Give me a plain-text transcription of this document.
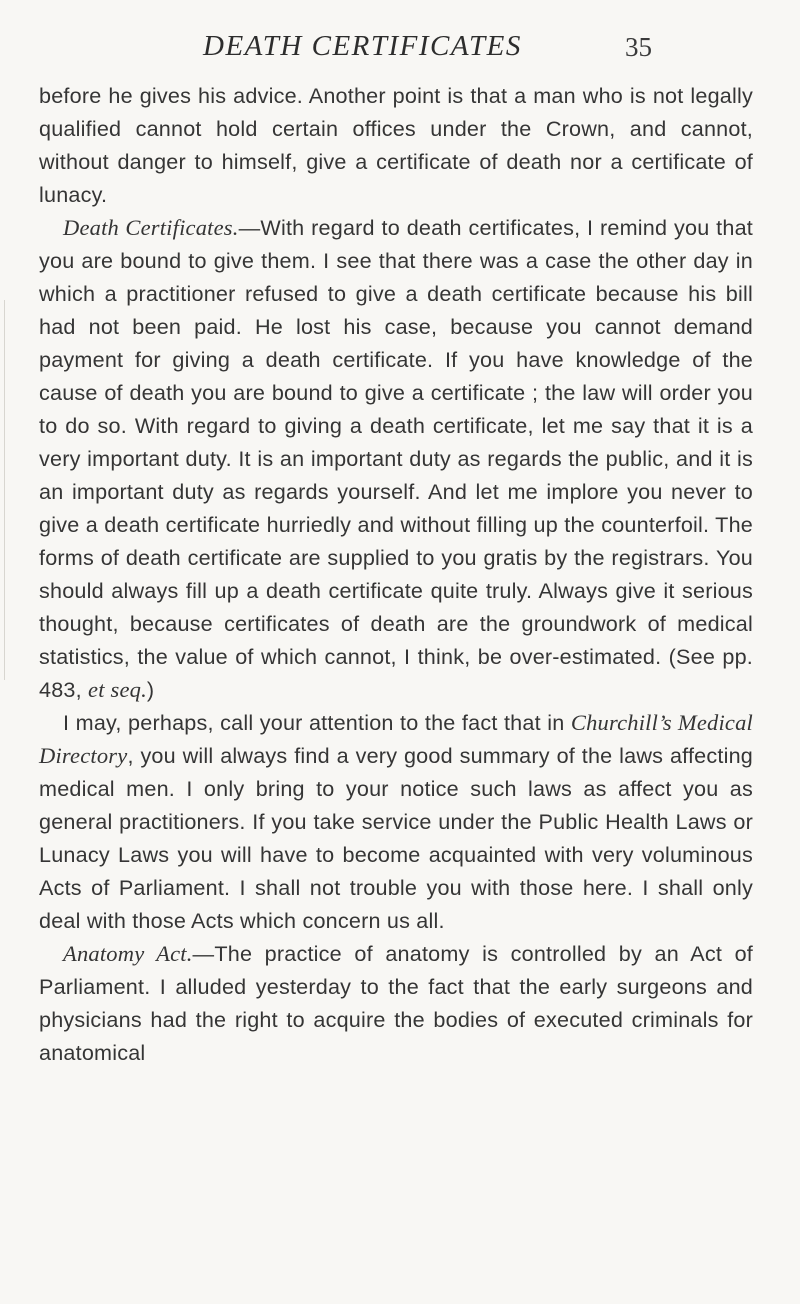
DEATH CERTIFICATES	35

before he gives his advice. Another point is that a man who is not legally qualified cannot hold certain offices under the Crown, and cannot, without danger to himself, give a certificate of death nor a certificate of lunacy.

Death Certificates.—With regard to death certificates, I remind you that you are bound to give them. I see that there was a case the other day in which a practitioner refused to give a death certificate because his bill had not been paid. He lost his case, because you cannot demand payment for giving a death certificate. If you have knowledge of the cause of death you are bound to give a certificate ; the law will order you to do so. With regard to giving a death certificate, let me say that it is a very important duty. It is an important duty as regards the public, and it is an important duty as regards yourself. And let me implore you never to give a death certificate hurriedly and without filling up the counterfoil. The forms of death certificate are supplied to you gratis by the registrars. You should always fill up a death certificate quite truly. Always give it serious thought, because certificates of death are the groundwork of medical statistics, the value of which cannot, I think, be over-estimated. (See pp. 483, et seq.)

I may, perhaps, call your attention to the fact that in Churchill’s Medical Directory, you will always find a very good summary of the laws affecting medical men. I only bring to your notice such laws as affect you as general practitioners. If you take service under the Public Health Laws or Lunacy Laws you will have to become acquainted with very voluminous Acts of Parliament. I shall not trouble you with those here. I shall only deal with those Acts which concern us all.

Anatomy Act.—The practice of anatomy is controlled by an Act of Parliament. I alluded yesterday to the fact that the early surgeons and physicians had the right to acquire the bodies of executed criminals for anatomical
